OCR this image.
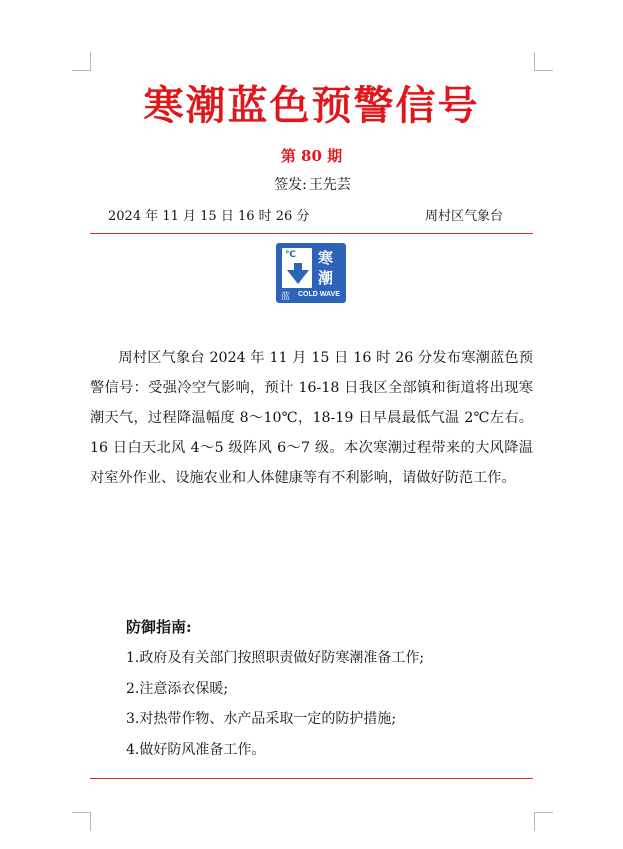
寒潮蓝色预警信号
第 80 期
签发: 王先芸
2024 年 11 月 15 日 16 时 26 分	周村区气象台
℃ 寒
潮
蓝 COLD WAVE
周村区气象台 2024 年 11 月 15 日 16 时 26 分发布寒潮蓝色预警信号：受强冷空气影响，预计 16-18 日我区全部镇和街道将出现寒潮天气，过程降温幅度 8～10℃，18-19 日早晨最低气温 2℃左右。16 日白天北风 4～5 级阵风 6～7 级。本次寒潮过程带来的大风降温对室外作业、设施农业和人体健康等有不利影响，请做好防范工作。
防御指南:
1.政府及有关部门按照职责做好防寒潮准备工作;
2.注意添衣保暖;
3.对热带作物、水产品采取一定的防护措施;
4.做好防风准备工作。
